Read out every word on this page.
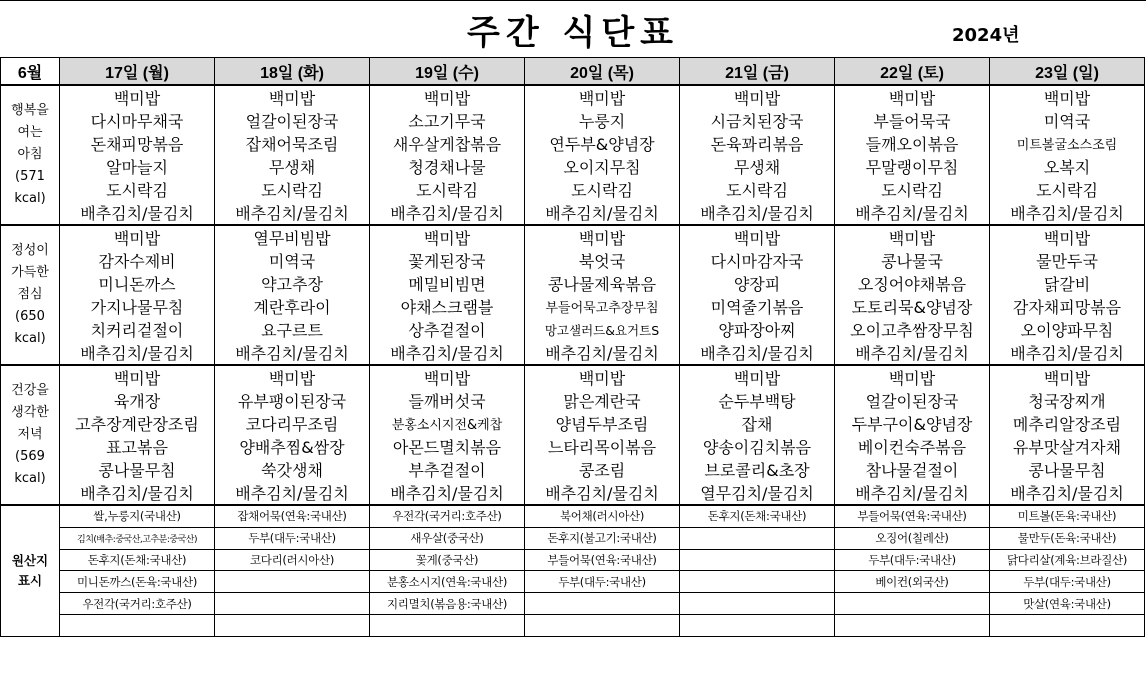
주간 식단표	2024년
6월	17일 (월)	18일 (화)	19일 (수)	20일 (목)	21일 (금)	22일 (토)	23일 (일)

행복을
여는
아침
(571
kcal)	백미밥	백미밥	백미밥	백미밥	백미밥	백미밥	백미밥
	다시마무채국	얼갈이된장국	소고기무국	누룽지	시금치된장국	부들어묵국	미역국
	돈채피망볶음	잡채어묵조림	새우살게찹볶음	연두부&양념장	돈육꽈리볶음	들깨오이볶음	미트볼굴소스조림
	알마늘지	무생채	청경채나물	오이지무침	무생채	무말랭이무침	오복지
	도시락김	도시락김	도시락김	도시락김	도시락김	도시락김	도시락김
	배추김치/물김치	배추김치/물김치	배추김치/물김치	배추김치/물김치	배추김치/물김치	배추김치/물김치	배추김치/물김치

정성이
가득한
점심
(650
kcal)	백미밥	열무비빔밥	백미밥	백미밥	백미밥	백미밥	백미밥
	감자수제비	미역국	꽃게된장국	북엇국	다시마감자국	콩나물국	물만두국
	미니돈까스	약고추장	메밀비빔면	콩나물제육볶음	양장피	오징어야채볶음	닭갈비
	가지나물무침	계란후라이	야채스크램블	부들어묵고추장무침	미역줄기볶음	도토리묵&양념장	감자채피망볶음
	치커리겉절이	요구르트	상추겉절이	망고샐러드&요거트S	양파장아찌	오이고추쌈장무침	오이양파무침
	배추김치/물김치	배추김치/물김치	배추김치/물김치	배추김치/물김치	배추김치/물김치	배추김치/물김치	배추김치/물김치

건강을
생각한
저녁
(569
kcal)	백미밥	백미밥	백미밥	백미밥	백미밥	백미밥	백미밥
	육개장	유부팽이된장국	들깨버섯국	맑은계란국	순두부백탕	얼갈이된장국	청국장찌개
	고추장계란장조림	코다리무조림	분홍소시지전&케찹	양념두부조림	잡채	두부구이&양념장	메추리알장조림
	표고볶음	양배추찜&쌈장	아몬드멸치볶음	느타리목이볶음	양송이김치볶음	베이컨숙주볶음	유부맛살겨자채
	콩나물무침	쑥갓생채	부추겉절이	콩조림	브로콜리&초장	참나물겉절이	콩나물무침
	배추김치/물김치	배추김치/물김치	배추김치/물김치	배추김치/물김치	열무김치/물김치	배추김치/물김치	배추김치/물김치

원산지
표시	쌀,누룽지(국내산)	잡채어묵(연육:국내산)	우전각(국거리:호주산)	북어채(러시아산)	돈후지(돈채:국내산)	부들어묵(연육:국내산)	미트볼(돈육:국내산)
	김치(배추:중국산,고추분:중국산)	두부(대두:국내산)	새우살(중국산)	돈후지(불고기:국내산)		오징어(칠레산)	물만두(돈육:국내산)
	돈후지(돈채:국내산)	코다리(러시아산)	꽃게(중국산)	부들어묵(연육:국내산)		두부(대두:국내산)	닭다리살(계육:브라질산)
	미니돈까스(돈육:국내산)		분홍소시지(연육:국내산)	두부(대두:국내산)		베이컨(외국산)	두부(대두:국내산)
	우전각(국거리:호주산)		지리멸치(볶음용:국내산)				맛살(연육:국내산)
